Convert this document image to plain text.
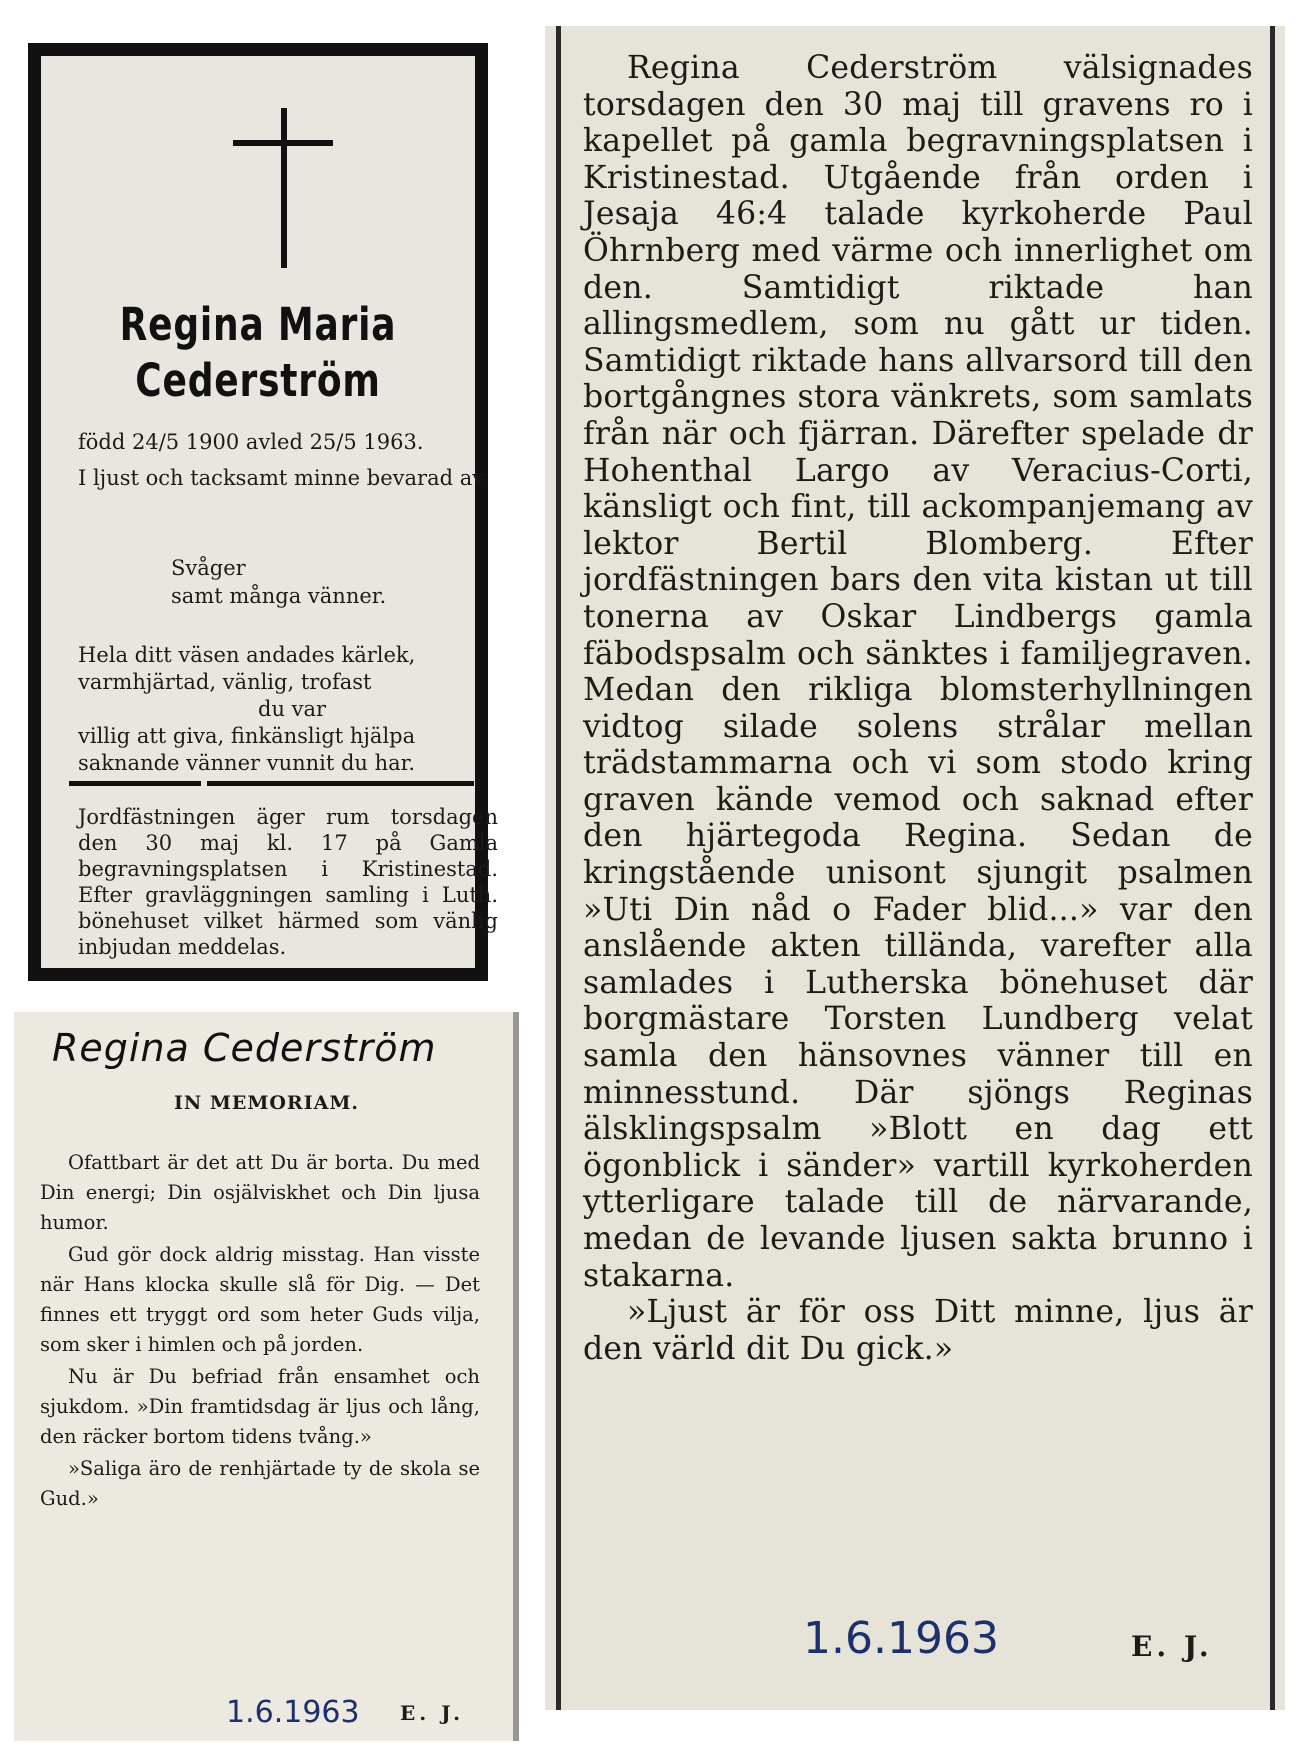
Regina Maria
Cederström
född 24/5 1900 avled 25/5 1963.
I ljust och tacksamt minne bevarad av
Svåger
samt många vänner.
Hela ditt väsen andades kärlek,
varmhjärtad, vänlig, trofast
du var
villig att giva, finkänsligt hjälpa
saknande vänner vunnit du har.
Jordfästningen äger rum torsdagen den 30 maj kl. 17 på Gamla begravningsplatsen i Kristinestad. Efter gravläggningen samling i Luth. bönehuset vilket härmed som vänlig inbjudan meddelas.
Regina Cederström
IN MEMORIAM.

Ofattbart är det att Du är borta. Du med Din energi; Din osjälviskhet och Din ljusa humor.

Gud gör dock aldrig misstag. Han visste när Hans klocka skulle slå för Dig. — Det finnes ett tryggt ord som heter Guds vilja, som sker i himlen och på jorden.

Nu är Du befriad från ensamhet och sjukdom. »Din framtidsdag är ljus och lång, den räcker bortom tidens tvång.»

»Saliga äro de renhjärtade ty de skola se Gud.»

1.6.1963 E. J.

Regina Cederström välsignades torsdagen den 30 maj till gravens ro i kapellet på gamla begravningsplatsen i Kristinestad. Utgående från orden i Jesaja 46:4 talade kyrkoherde Paul Öhrnberg med värme och innerlighet om den. Samtidigt riktade han allingsmedlem, som nu gått ur tiden. Samtidigt riktade hans allvarsord till den bortgångnes stora vänkrets, som samlats från när och fjärran. Därefter spelade dr Hohenthal Largo av Veracius-Corti, känsligt och fint, till ackompanjemang av lektor Bertil Blomberg. Efter jordfästningen bars den vita kistan ut till tonerna av Oskar Lindbergs gamla fäbodspsalm och sänktes i familjegraven. Medan den rikliga blomsterhyllningen vidtog silade solens strålar mellan trädstammarna och vi som stodo kring graven kände vemod och saknad efter den hjärtegoda Regina. Sedan de kringstående unisont sjungit psalmen »Uti Din nåd o Fader blid...» var den anslående akten tillända, varefter alla samlades i Lutherska bönehuset där borgmästare Torsten Lundberg velat samla den hänsovnes vänner till en minnesstund. Där sjöngs Reginas älsklingspsalm »Blott en dag ett ögonblick i sänder» vartill kyrkoherden ytterligare talade till de närvarande, medan de levande ljusen sakta brunno i stakarna.

»Ljust är för oss Ditt minne, ljus är den värld dit Du gick.»

1.6.1963	E. J.
